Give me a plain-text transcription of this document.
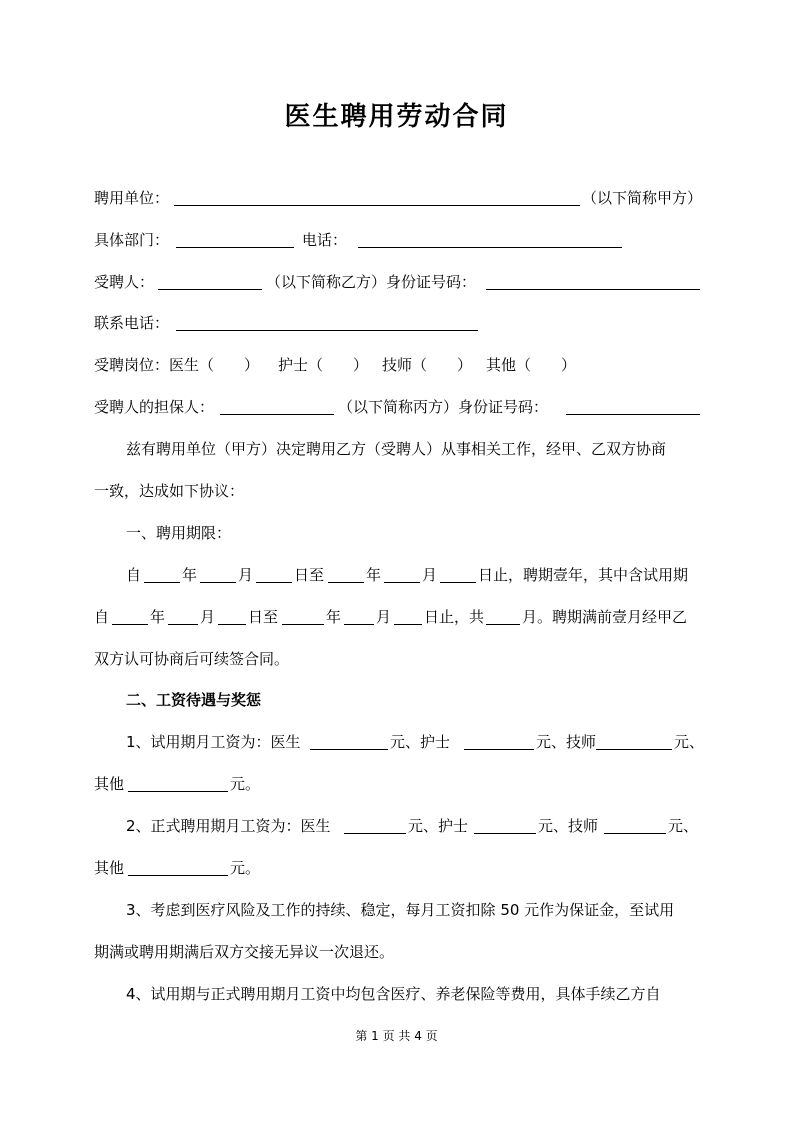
医生聘用劳动合同
聘用单位：	（以下简称甲方）
具体部门：	电话：
受聘人：	（以下简称乙方）身份证号码：
联系电话：
受聘岗位：医生（　　） 护士（　　） 技师（　　） 其他（　　）
受聘人的担保人：	（以下简称丙方）身份证号码：
兹有聘用单位（甲方）决定聘用乙方（受聘人）从事相关工作，经甲、乙双方协商
一致，达成如下协议：
一、聘用期限：
自	年	月	日至	年	月	日止，聘期壹年，其中含试用期
自	年 月 日至	年 月 日止，共	月。聘期满前壹月经甲乙
双方认可协商后可续签合同。
二、工资待遇与奖惩
1、试用期月工资为：医生	元、护士	元、技师	元、
其他	元。
2、正式聘用期月工资为：医生	元、护士	元、技师	元、
其他	元。
3、考虑到医疗风险及工作的持续、稳定，每月工资扣除 50 元作为保证金，至试用
期满或聘用期满后双方交接无异议一次退还。
4、试用期与正式聘用期月工资中均包含医疗、养老保险等费用，具体手续乙方自
第 1 页 共 4 页
